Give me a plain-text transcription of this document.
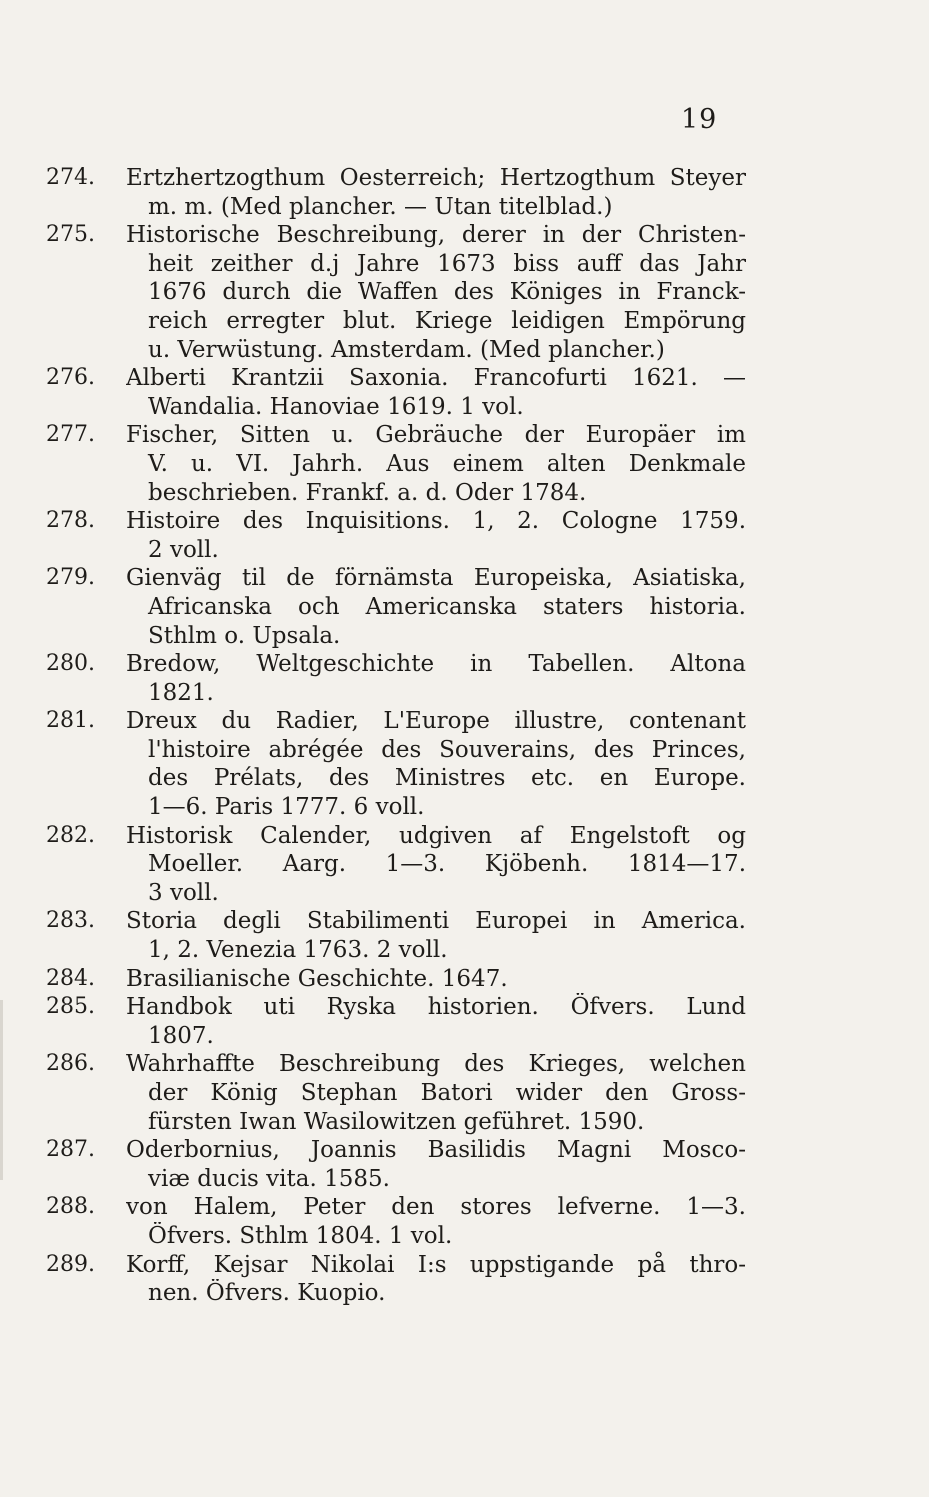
19
274. Ertzhertzogthum Oesterreich; Hertzogthum Steyer
m. m. (Med plancher. — Utan titelblad.)
275. Historische Beschreibung, derer in der Christen-
heit zeither d.j Jahre 1673 biss auff das Jahr
1676 durch die Waffen des Königes in Franck-
reich erregter blut. Kriege leidigen Empörung
u. Verwüstung. Amsterdam. (Med plancher.)
276. Alberti Krantzii Saxonia. Francofurti 1621. —
Wandalia. Hanoviae 1619. 1 vol.
277. Fischer, Sitten u. Gebräuche der Europäer im
V. u. VI. Jahrh. Aus einem alten Denkmale
beschrieben. Frankf. a. d. Oder 1784.
278. Histoire des Inquisitions. 1, 2. Cologne 1759.
2 voll.
279. Gienväg til de förnämsta Europeiska, Asiatiska,
Africanska och Americanska staters historia.
Sthlm o. Upsala.
280. Bredow, Weltgeschichte in Tabellen. Altona
1821.
281. Dreux du Radier, L'Europe illustre, contenant
l'histoire abrégée des Souverains, des Princes,
des Prélats, des Ministres etc. en Europe.
1—6. Paris 1777. 6 voll.
282. Historisk Calender, udgiven af Engelstoft og
Moeller. Aarg. 1—3. Kjöbenh. 1814—17.
3 voll.
283. Storia degli Stabilimenti Europei in America.
1, 2. Venezia 1763. 2 voll.
284. Brasilianische Geschichte. 1647.
285. Handbok uti Ryska historien. Öfvers. Lund
1807.
286. Wahrhaffte Beschreibung des Krieges, welchen
der König Stephan Batori wider den Gross-
fürsten Iwan Wasilowitzen geführet. 1590.
287. Oderbornius, Joannis Basilidis Magni Mosco-
viæ ducis vita. 1585.
288. von Halem, Peter den stores lefverne. 1—3.
Öfvers. Sthlm 1804. 1 vol.
289. Korff, Kejsar Nikolai I:s uppstigande på thro-
nen. Öfvers. Kuopio.
